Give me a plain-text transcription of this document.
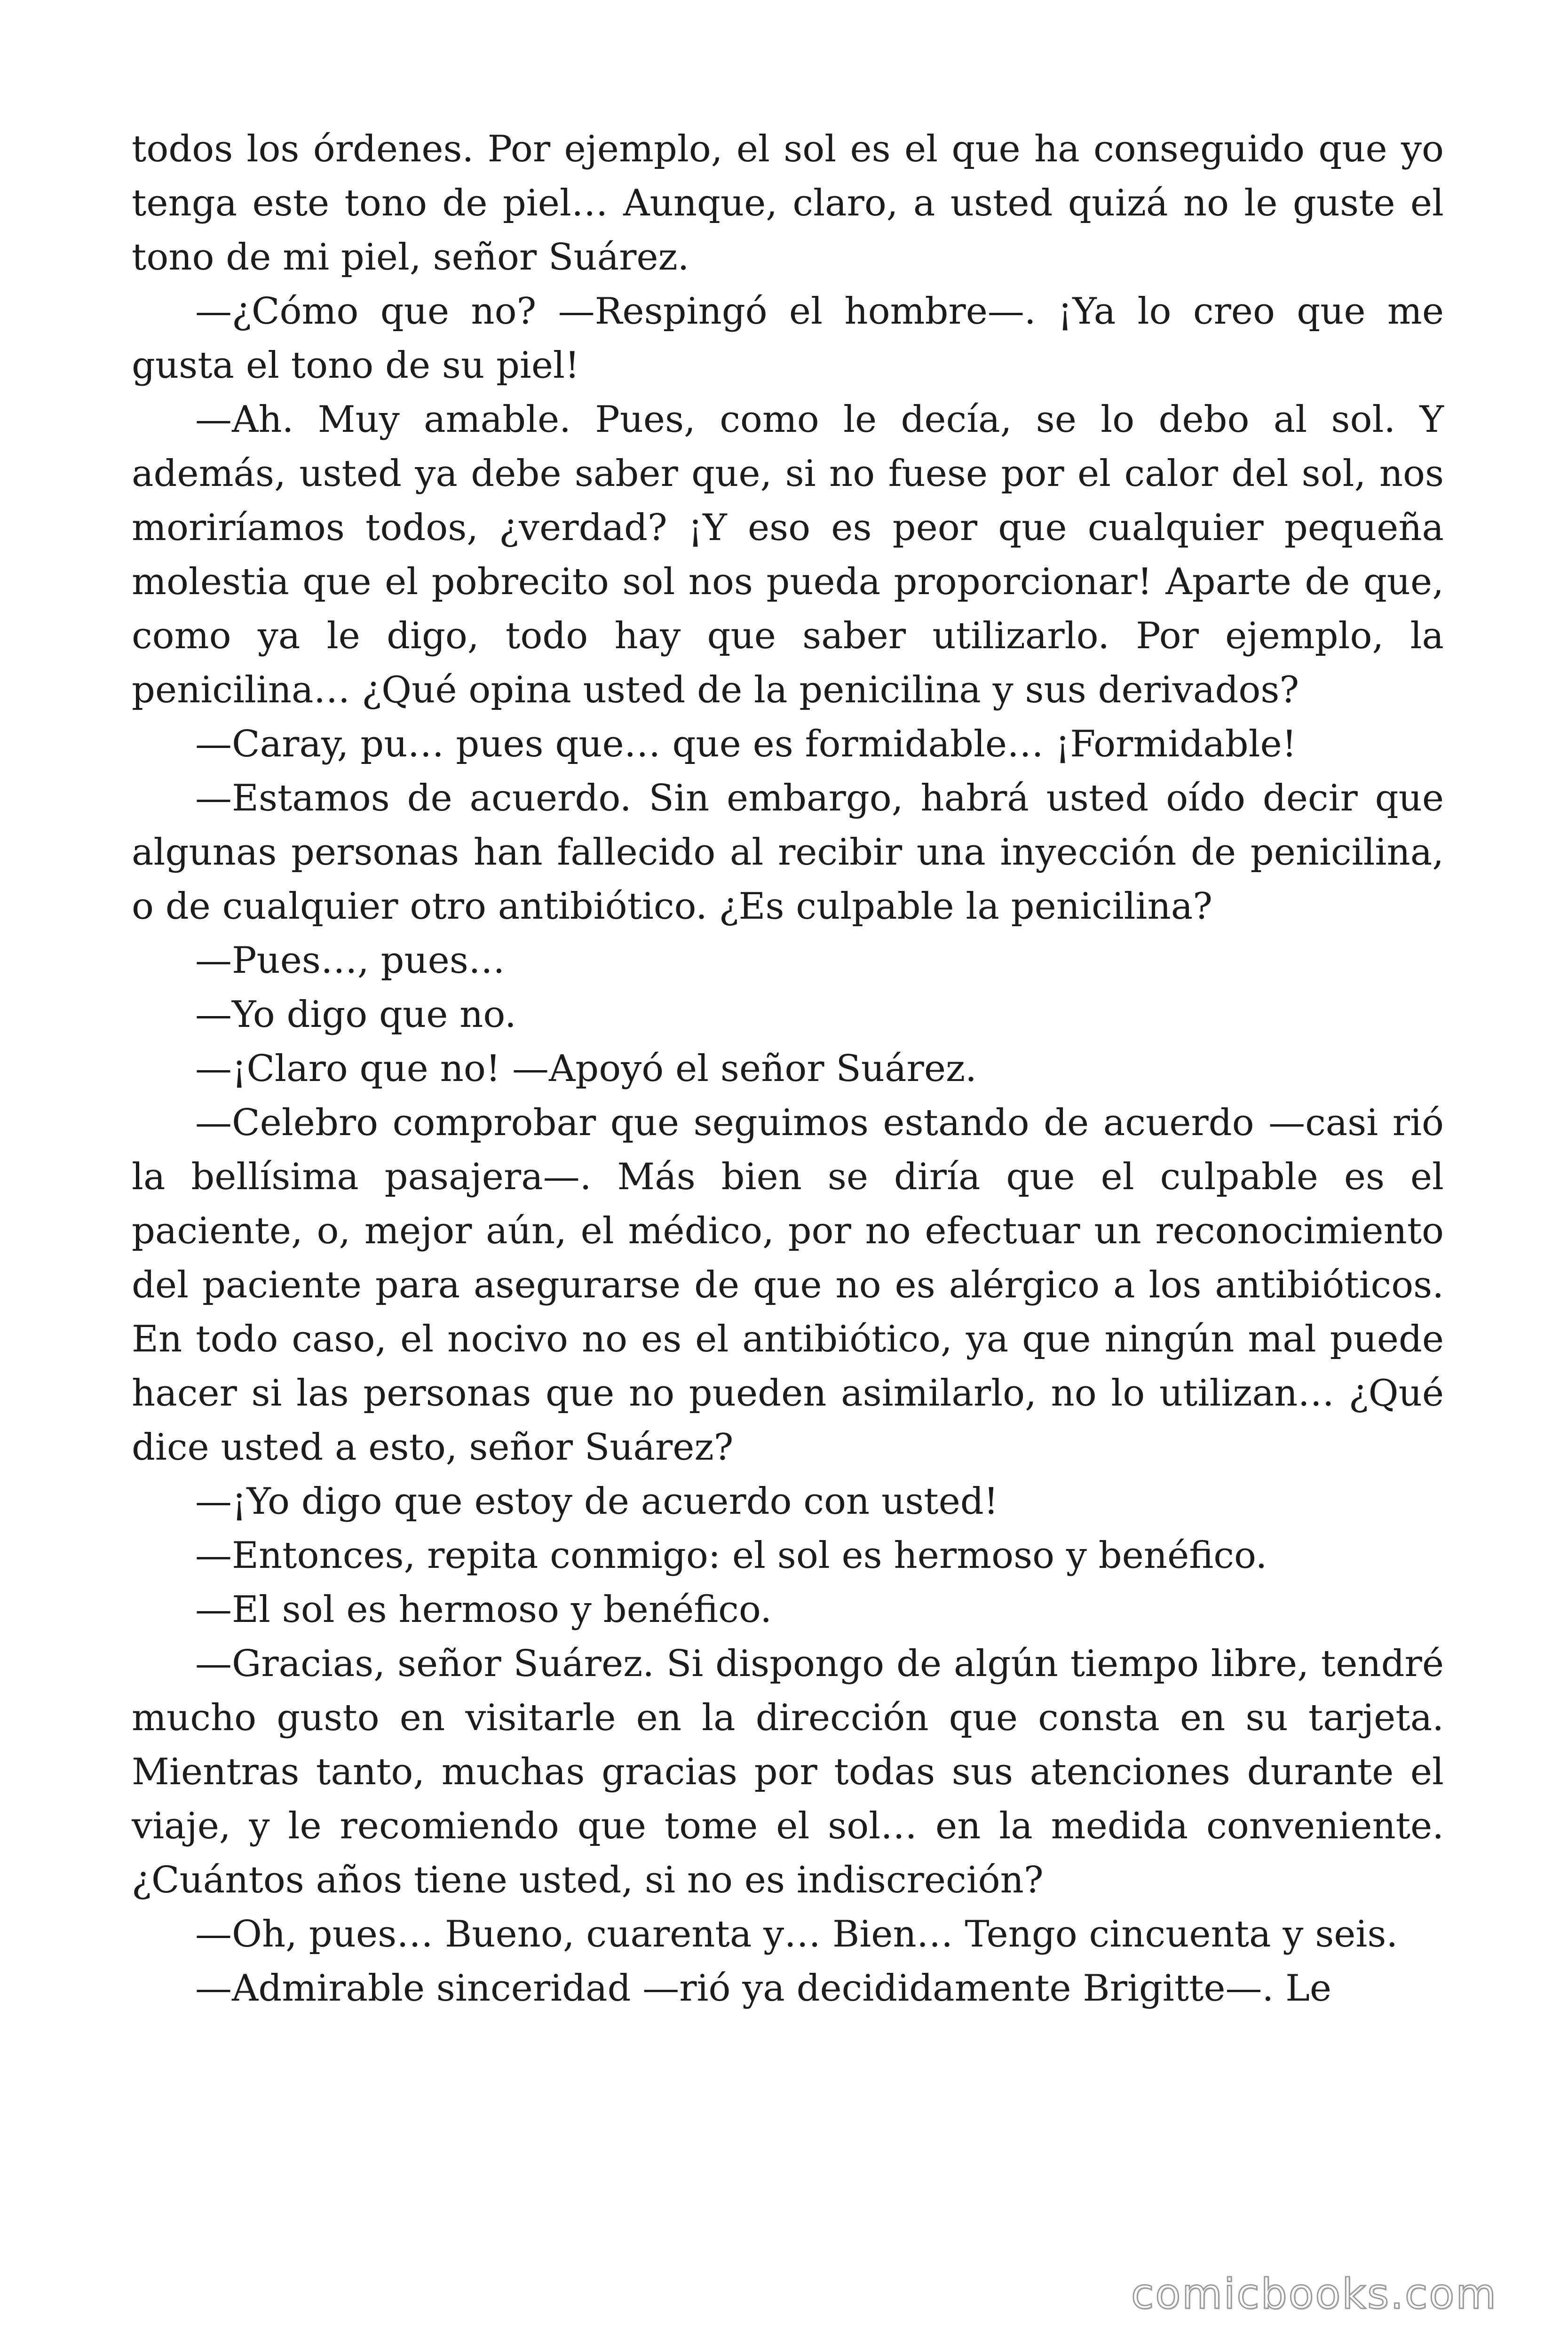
todos los órdenes. Por ejemplo, el sol es el que ha conseguido que yo tenga este tono de piel… Aunque, claro, a usted quizá no le guste el tono de mi piel, señor Suárez.

—¿Cómo que no? —Respingó el hombre—. ¡Ya lo creo que me gusta el tono de su piel!

—Ah. Muy amable. Pues, como le decía, se lo debo al sol. Y además, usted ya debe saber que, si no fuese por el calor del sol, nos moriríamos todos, ¿verdad? ¡Y eso es peor que cualquier pequeña molestia que el pobrecito sol nos pueda proporcionar! Aparte de que, como ya le digo, todo hay que saber utilizarlo. Por ejemplo, la penicilina… ¿Qué opina usted de la penicilina y sus derivados?

—Caray, pu… pues que… que es formidable… ¡Formidable!

—Estamos de acuerdo. Sin embargo, habrá usted oído decir que algunas personas han fallecido al recibir una inyección de penicilina, o de cualquier otro antibiótico. ¿Es culpable la penicilina?

—Pues…, pues…

—Yo digo que no.

—¡Claro que no! —Apoyó el señor Suárez.

—Celebro comprobar que seguimos estando de acuerdo —casi rió la bellísima pasajera—. Más bien se diría que el culpable es el paciente, o, mejor aún, el médico, por no efectuar un reconocimiento del paciente para asegurarse de que no es alérgico a los antibióticos. En todo caso, el nocivo no es el antibiótico, ya que ningún mal puede hacer si las personas que no pueden asimilarlo, no lo utilizan… ¿Qué dice usted a esto, señor Suárez?

—¡Yo digo que estoy de acuerdo con usted!

—Entonces, repita conmigo: el sol es hermoso y benéfico.

—El sol es hermoso y benéfico.

—Gracias, señor Suárez. Si dispongo de algún tiempo libre, tendré mucho gusto en visitarle en la dirección que consta en su tarjeta. Mientras tanto, muchas gracias por todas sus atenciones durante el viaje, y le recomiendo que tome el sol… en la medida conveniente. ¿Cuántos años tiene usted, si no es indiscreción?

—Oh, pues… Bueno, cuarenta y… Bien… Tengo cincuenta y seis.

—Admirable sinceridad —rió ya decididamente Brigitte—. Le

comicbooks.com
